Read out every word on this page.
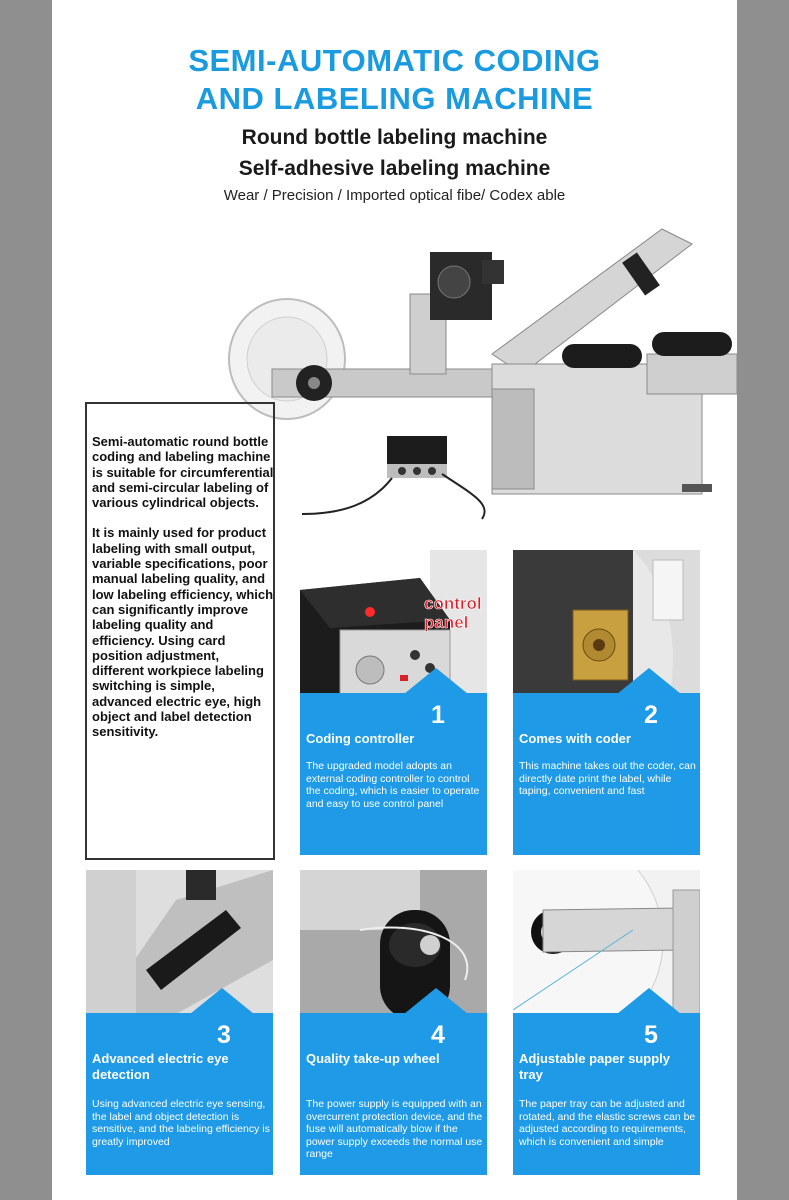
SEMI-AUTOMATIC CODING
AND LABELING MACHINE
Round bottle labeling machine
Self-adhesive labeling machine
Wear / Precision / Imported optical fibe/ Codex able

Semi-automatic round bottle coding and labeling machine is suitable for circumferential and semi-circular labeling of various cylindrical objects.

It is mainly used for product labeling with small output, variable specifications, poor manual labeling quality, and low labeling efficiency, which can significantly improve labeling quality and efficiency. Using card position adjustment, different workpiece labeling switching is simple, advanced electric eye, high object and label detection sensitivity.

control
panel
1
Coding controller
The upgraded model adopts an external coding controller to control the coding, which is easier to operate and easy to use control panel
2
Comes with coder
This machine takes out the coder, can directly date print the label, while taping, convenient and fast
3
Advanced electric eye detection
Using advanced electric eye sensing, the label and object detection is sensitive, and the labeling efficiency is greatly improved
4
Quality take-up wheel
The power supply is equipped with an overcurrent protection device, and the fuse will automatically blow if the power supply exceeds the normal use range
5
Adjustable paper supply tray
The paper tray can be adjusted and rotated, and the elastic screws can be adjusted according to requirements, which is convenient and simple
